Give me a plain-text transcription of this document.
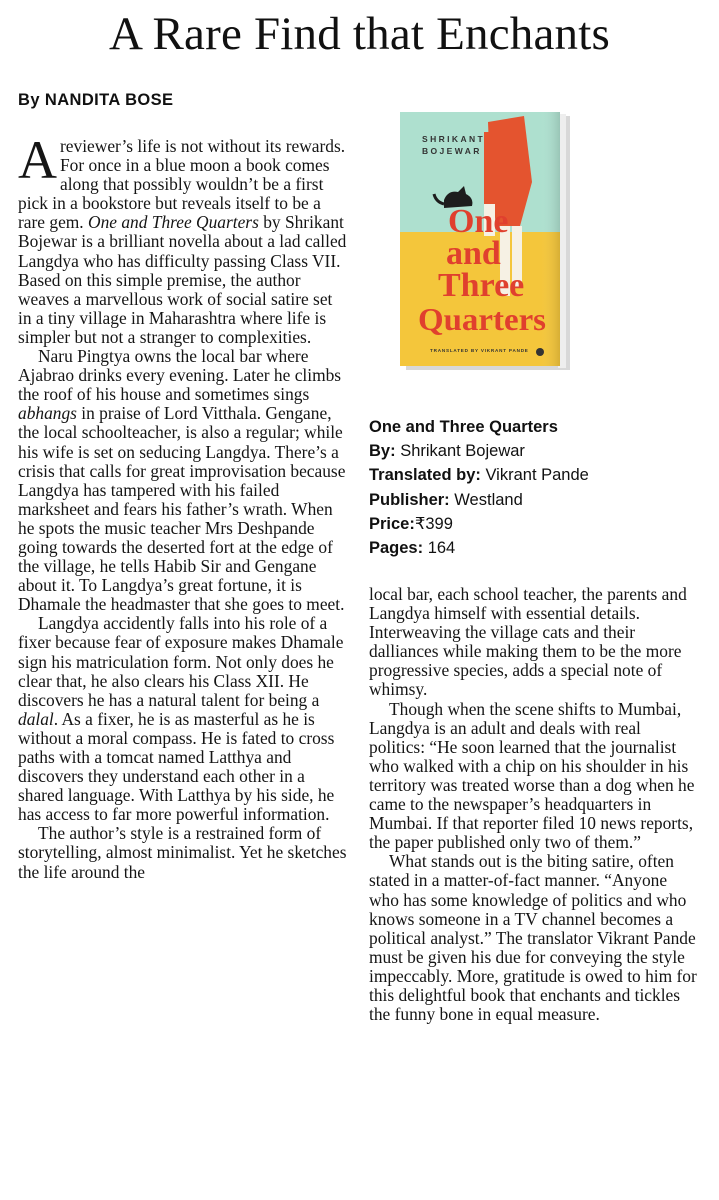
A Rare Find that Enchants
By NANDITA BOSE

Areviewer’s life is not without its rewards. For once in a blue moon a book comes along that possibly wouldn’t be a first pick in a bookstore but reveals itself to be a rare gem. One and Three Quarters by Shrikant Bojewar is a brilliant novella about a lad called Langdya who has difficulty passing Class VII. Based on this simple premise, the author weaves a marvellous work of social satire set in a tiny village in Maharashtra where life is simpler but not a stranger to complexities.

Naru Pingtya owns the local bar where Ajabrao drinks every evening. Later he climbs the roof of his house and sometimes sings abhangs in praise of Lord Vitthala. Gengane, the local schoolteacher, is also a regular; while his wife is set on seducing Langdya. There’s a crisis that calls for great improvisation because Langdya has tampered with his failed marksheet and fears his father’s wrath. When he spots the music teacher Mrs Deshpande going towards the deserted fort at the edge of the village, he tells Habib Sir and Gengane about it. To Langdya’s great fortune, it is Dhamale the headmaster that she goes to meet.

Langdya accidently falls into his role of a fixer because fear of exposure makes Dhamale sign his matriculation form. Not only does he clear that, he also clears his Class XII. He discovers he has a natural talent for being a dalal. As a fixer, he is as masterful as he is without a moral compass. He is fated to cross paths with a tomcat named Latthya and discovers they understand each other in a shared language. With Latthya by his side, he has access to far more powerful information.

The author’s style is a restrained form of storytelling, almost minimalist. Yet he sketches the life around the

local bar, each school teacher, the parents and Langdya himself with essential details. Interweaving the village cats and their dalliances while making them to be the more progressive species, adds a special note of whimsy.

Though when the scene shifts to Mumbai, Langdya is an adult and deals with real politics: “He soon learned that the journalist who walked with a chip on his shoulder in his territory was treated worse than a dog when he came to the newspaper’s headquarters in Mumbai. If that reporter filed 10 news reports, the paper published only two of them.”

What stands out is the biting satire, often stated in a matter-of-fact manner. “Anyone who has some knowledge of politics and who knows someone in a TV channel becomes a political analyst.” The translator Vikrant Pande must be given his due for conveying the style impeccably. More, gratitude is owed to him for this delightful book that enchants and tickles the funny bone in equal measure.

SHRIKANT
BOJEWAR
One
and
Three
Quarters
TRANSLATED BY VIKRANT PANDE
One and Three Quarters
By: Shrikant Bojewar
Translated by: Vikrant Pande
Publisher: Westland
Price:₹399
Pages: 164
